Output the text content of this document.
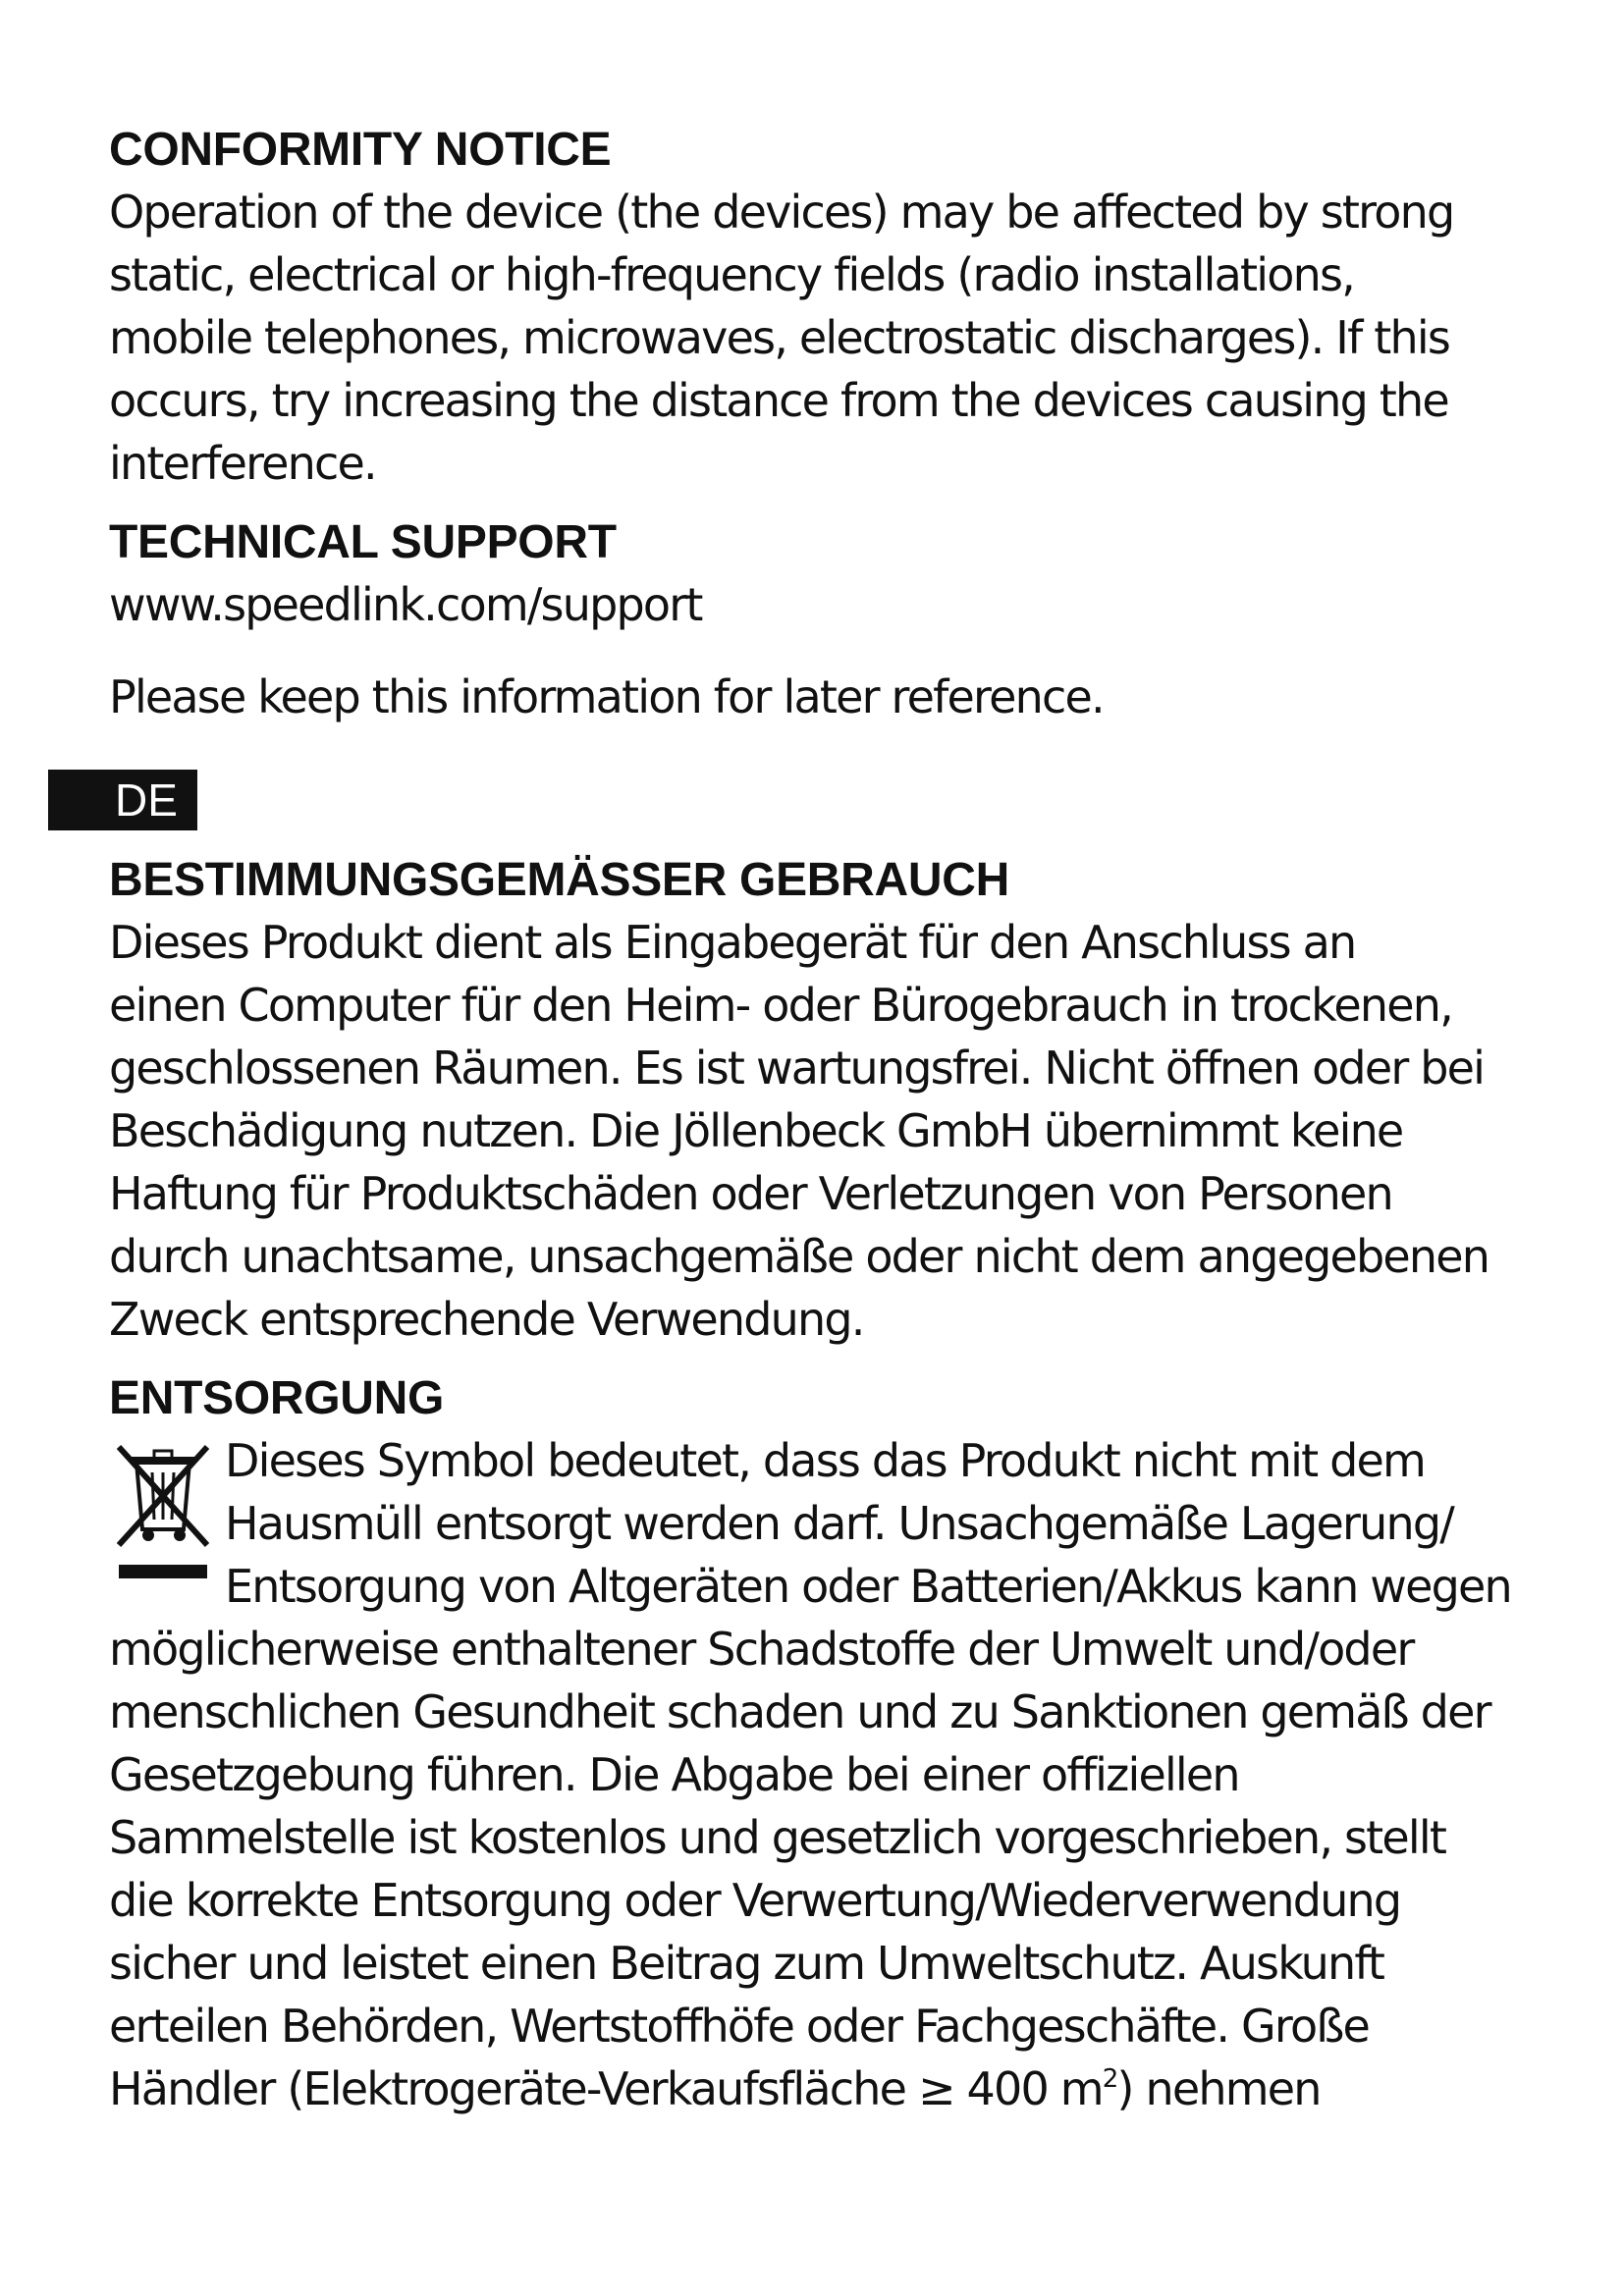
CONFORMITY NOTICE

Operation of the device (the devices) may be affected by strong
static, electrical or high-frequency fields (radio installations,
mobile telephones, microwaves, electrostatic discharges). If this
occurs, try increasing the distance from the devices causing the
interference.

TECHNICAL SUPPORT

www.speedlink.com/support

Please keep this information for later reference.

DE
BESTIMMUNGSGEMÄSSER GEBRAUCH

Dieses Produkt dient als Eingabegerät für den Anschluss an
einen Computer für den Heim- oder Bürogebrauch in trockenen,
geschlossenen Räumen. Es ist wartungsfrei. Nicht öffnen oder bei
Beschädigung nutzen. Die Jöllenbeck GmbH übernimmt keine
Haftung für Produktschäden oder Verletzungen von Personen
durch unachtsame, unsachgemäße oder nicht dem angegebenen
Zweck entsprechende Verwendung.

ENTSORGUNG

Dieses Symbol bedeutet, dass das Produkt nicht mit dem
Hausmüll entsorgt werden darf. Unsachgemäße Lagerung/
Entsorgung von Altgeräten oder Batterien/Akkus kann wegen

möglicherweise enthaltener Schadstoffe der Umwelt und/oder
menschlichen Gesundheit schaden und zu Sanktionen gemäß der
Gesetzgebung führen. Die Abgabe bei einer offiziellen
Sammelstelle ist kostenlos und gesetzlich vorgeschrieben, stellt
die korrekte Entsorgung oder Verwertung/Wiederverwendung
sicher und leistet einen Beitrag zum Umweltschutz. Auskunft
erteilen Behörden, Wertstoffhöfe oder Fachgeschäfte. Große
Händler (Elektrogeräte-Verkaufsfläche ≥ 400 $m^2$) nehmen
